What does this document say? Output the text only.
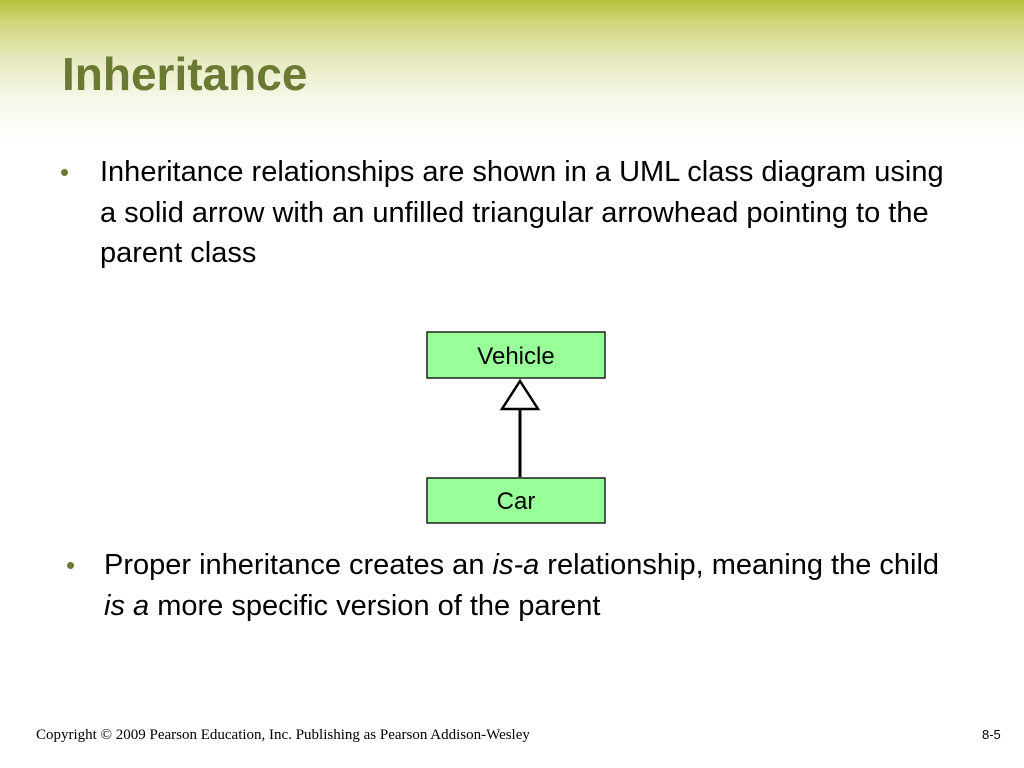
Inheritance
• Inheritance relationships are shown in a UML class diagram using a solid arrow with an unfilled triangular arrowhead pointing to the parent class
Vehicle
Car
• Proper inheritance creates an is-a relationship, meaning the child is a more specific version of the parent
Copyright © 2009 Pearson Education, Inc. Publishing as Pearson Addison-Wesley	8-5
